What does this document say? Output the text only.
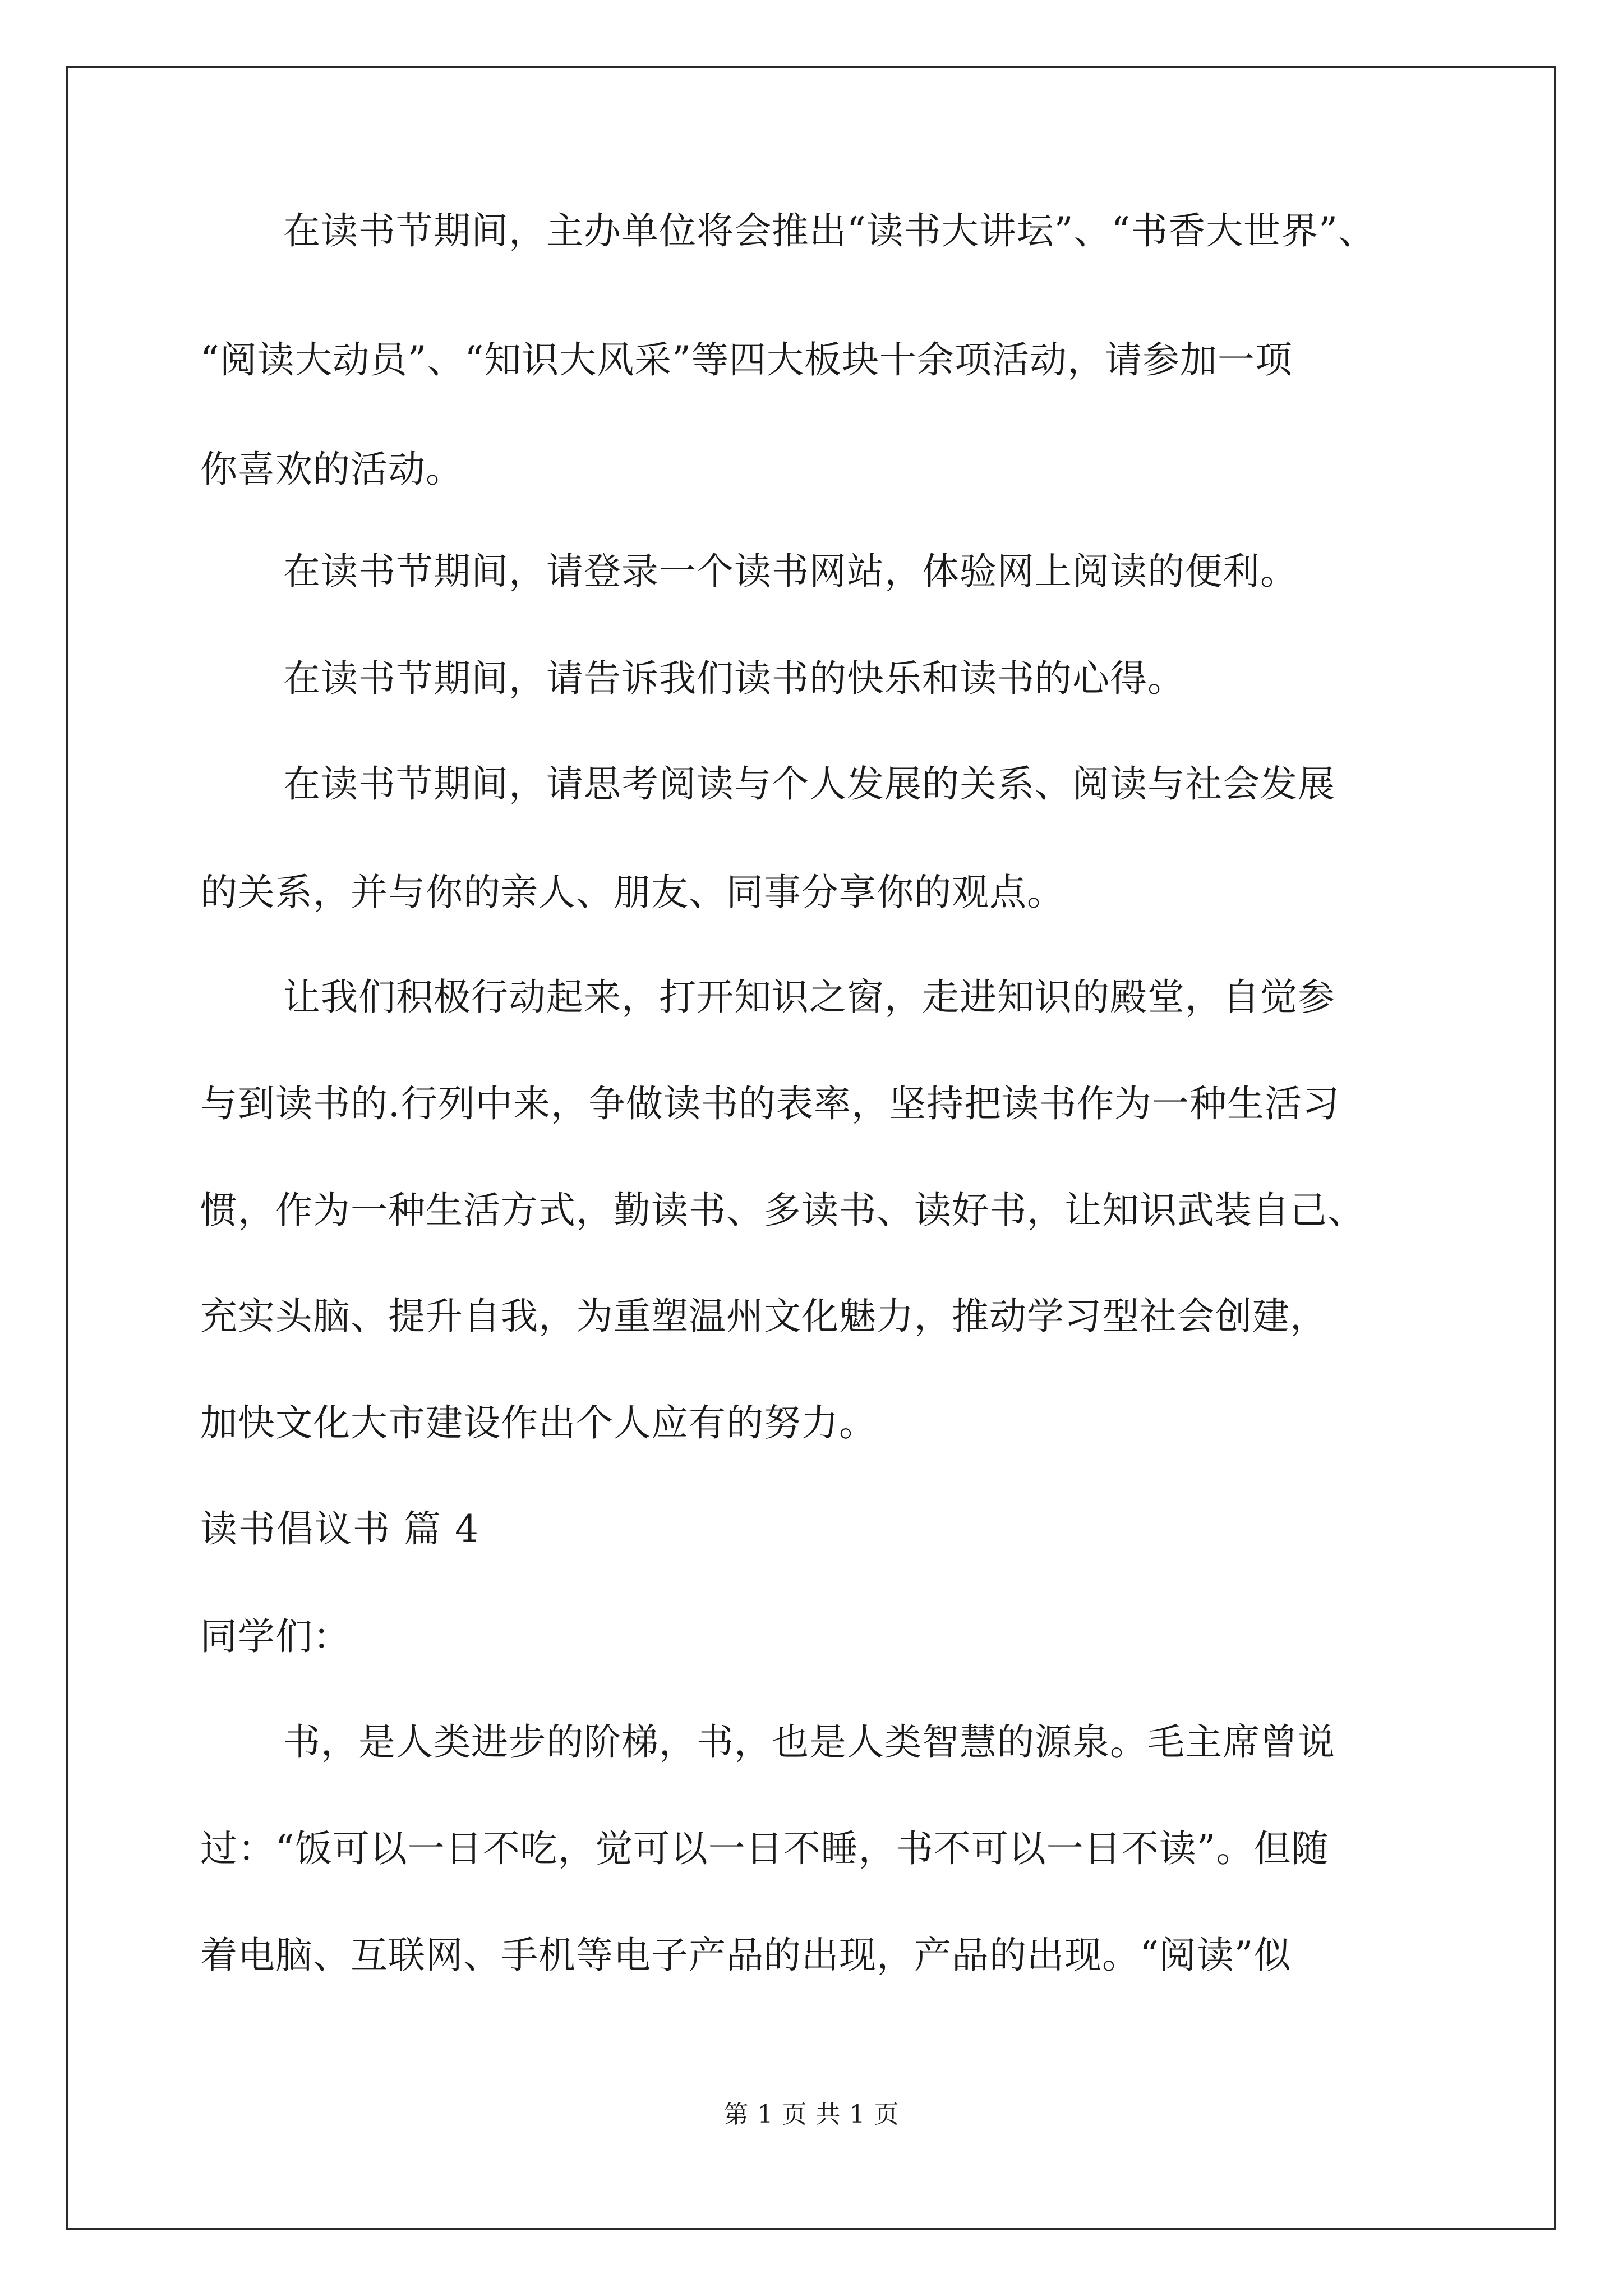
在读书节期间，主办单位将会推出“读书大讲坛”、“书香大世界”、
“阅读大动员”、“知识大风采”等四大板块十余项活动，请参加一项
你喜欢的活动。
在读书节期间，请登录一个读书网站，体验网上阅读的便利。
在读书节期间，请告诉我们读书的快乐和读书的心得。
在读书节期间，请思考阅读与个人发展的关系、阅读与社会发展
的关系，并与你的亲人、朋友、同事分享你的观点。
让我们积极行动起来，打开知识之窗，走进知识的殿堂，自觉参
与到读书的.行列中来，争做读书的表率，坚持把读书作为一种生活习
惯，作为一种生活方式，勤读书、多读书、读好书，让知识武装自己、
充实头脑、提升自我，为重塑温州文化魅力，推动学习型社会创建，
加快文化大市建设作出个人应有的努力。
读书倡议书 篇 4
同学们：
书，是人类进步的阶梯，书，也是人类智慧的源泉。毛主席曾说
过：“饭可以一日不吃，觉可以一日不睡，书不可以一日不读”。但随
着电脑、互联网、手机等电子产品的出现，产品的出现。“阅读”似
第 1 页 共 1 页
